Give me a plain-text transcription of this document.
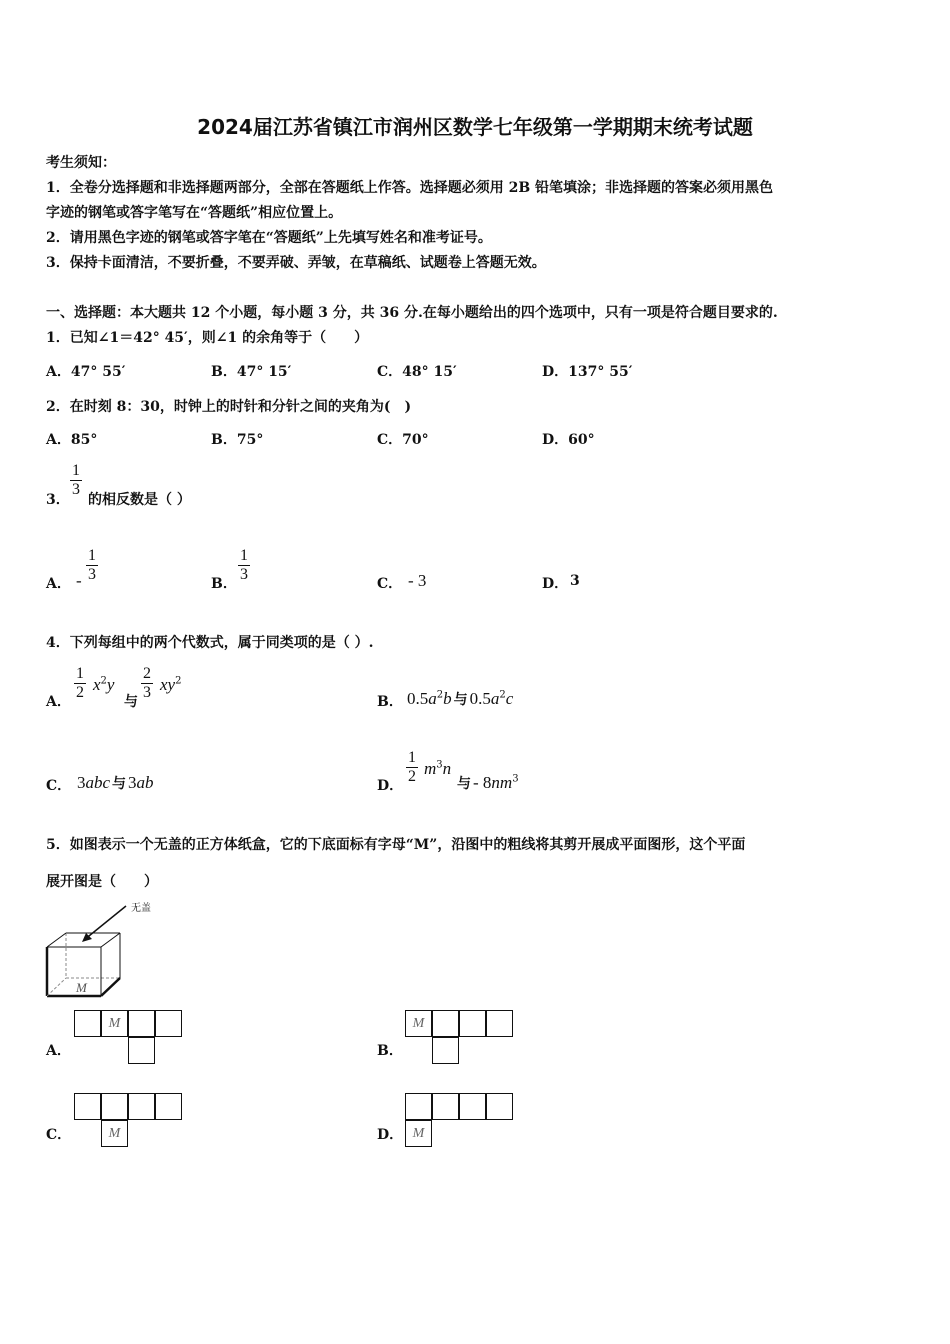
2024届江苏省镇江市润州区数学七年级第一学期期末统考试题
考生须知：
1．全卷分选择题和非选择题两部分，全部在答题纸上作答。选择题必须用 2B 铅笔填涂；非选择题的答案必须用黑色
字迹的钢笔或答字笔写在“答题纸”相应位置上。
2．请用黑色字迹的钢笔或答字笔在“答题纸”上先填写姓名和准考证号。
3．保持卡面清洁，不要折叠，不要弄破、弄皱，在草稿纸、试题卷上答题无效。
一、选择题：本大题共 12 个小题，每小题 3 分，共 36 分.在每小题给出的四个选项中，只有一项是符合题目要求的.
1．已知∠1＝42° 45′，则∠1 的余角等于（　　）
A．47° 55′	B．47° 15′	C．48° 15′	D．137° 55′
2．在时刻 8：30，时钟上的时针和分针之间的夹角为(　)
A．85°	B．75°	C．70°	D．60°
3．
1
3
的相反数是（ ）
A． -
1
3
B．
1
3
C． - 3	D． 3
4．下列每组中的两个代数式，属于同类项的是（ ）.
A．
1
2 $x^2y$
与
2
3 $xy^2$
B． $0.5a^2b$ 与 $0.5a^2c$
C． 3abc 与 3ab	D．
1
2 $m^3n$
与 - $8nm^3$
5．如图表示一个无盖的正方体纸盒，它的下底面标有字母“M”，沿图中的粗线将其剪开展成平面图形，这个平面
展开图是（　　）
无盖
M
A．
M
B．
M
C．	M	D． M
